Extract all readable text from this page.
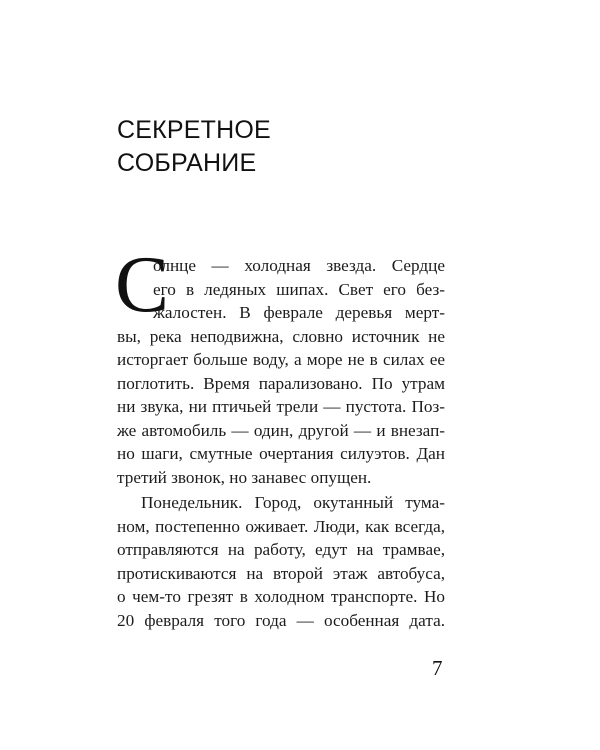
СЕКРЕТНОЕ
СОБРАНИЕ
С
олнце — холодная звезда. Сердце
его в ледяных шипах. Свет его без-
жалостен. В феврале деревья мерт-
вы, река неподвижна, словно источник не
исторгает больше воду, а море не в силах ее
поглотить. Время парализовано. По утрам
ни звука, ни птичьей трели — пустота. Поз-
же автомобиль — один, другой — и внезап-
но шаги, смутные очертания силуэтов. Дан
третий звонок, но занавес опущен.
Понедельник. Город, окутанный тума-
ном, постепенно оживает. Люди, как всегда,
отправляются на работу, едут на трамвае,
протискиваются на второй этаж автобуса,
о чем-то грезят в холодном транспорте. Но
20 февраля того года — особенная дата.
7
